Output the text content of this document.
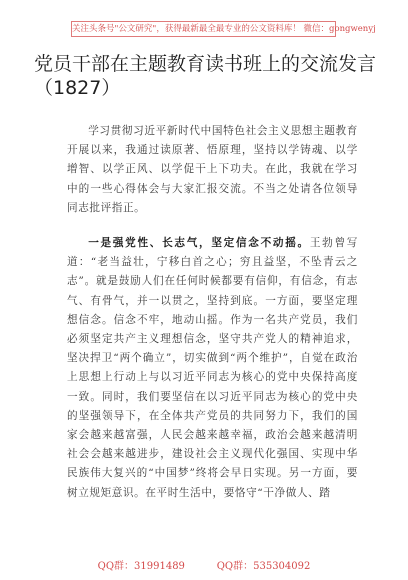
关注头条号"公文研究"，获得最新最全最专业的公文资料库！ 微信：gongwenyj
党员干部在主题教育读书班上的交流发言（1827）

学习贯彻习近平新时代中国特色社会主义思想主题教育开展以来，我通过读原著、悟原理，坚持以学铸魂、以学增智、以学正风、以学促干上下功夫。在此，我就在学习中的一些心得体会与大家汇报交流。不当之处请各位领导同志批评指正。

一是强党性、长志气，坚定信念不动摇。王勃曾写道：“老当益壮，宁移白首之心；穷且益坚，不坠青云之志”。就是鼓励人们在任何时候都要有信仰，有信念，有志气、有骨气，并一以贯之，坚持到底。一方面，要坚定理想信念。信念不牢，地动山摇。作为一名共产党员，我们必须坚定共产主义理想信念，坚守共产党人的精神追求，坚决捍卫“两个确立”，切实做到“两个维护”，自觉在政治上思想上行动上与以习近平同志为核心的党中央保持高度一致。同时，我们要坚信在以习近平同志为核心的党中央的坚强领导下，在全体共产党员的共同努力下，我们的国家会越来越富强，人民会越来越幸福，政治会越来越清明社会会越来越进步，建设社会主义现代化强国、实现中华民族伟大复兴的“中国梦”终将会早日实现。另一方面，要树立规矩意识。在平时生活中，要恪守“干净做人、踏

QQ群：31991489          QQ群：535304092
